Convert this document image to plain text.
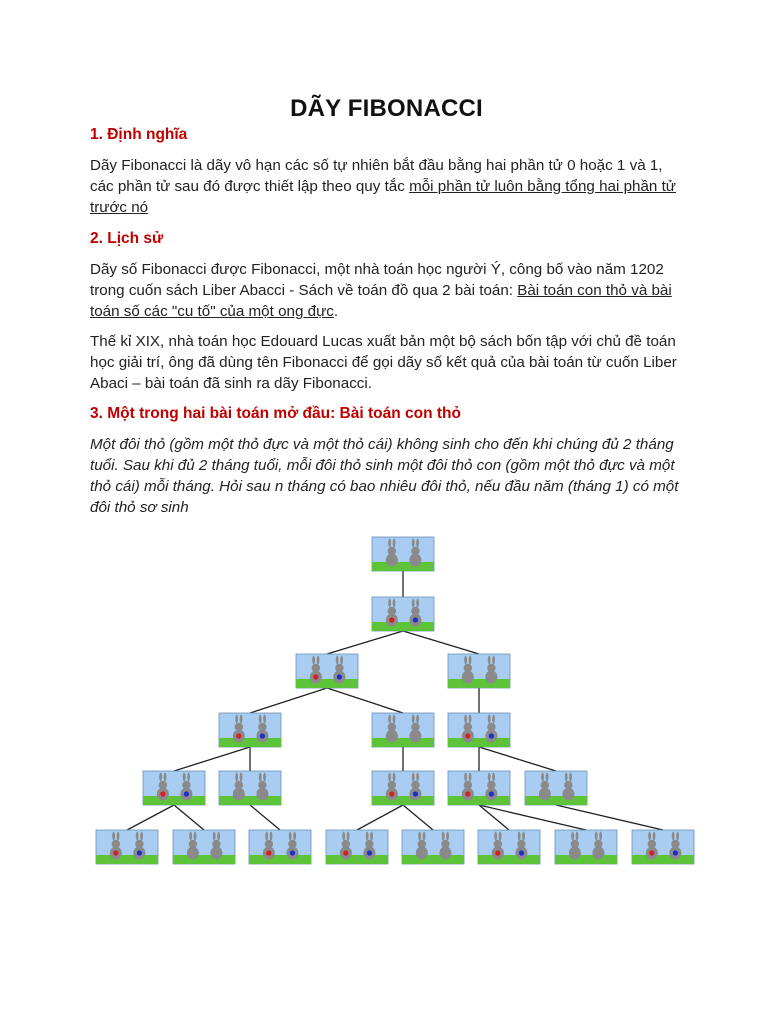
DÃY FIBONACCI
1. Định nghĩa

Dãy Fibonacci là dãy vô hạn các số tự nhiên bắt đầu bằng hai phần tử 0 hoặc 1 và 1, các phần tử sau đó được thiết lập theo quy tắc mỗi phần tử luôn bằng tổng hai phần tử trước nó

2. Lịch sử

Dãy số Fibonacci được Fibonacci, một nhà toán học người Ý, công bố vào năm 1202 trong cuốn sách Liber Abacci - Sách về toán đồ qua 2 bài toán: Bài toán con thỏ và bài toán số các "cu tố" của một ong đực.

Thế kỉ XIX, nhà toán học Edouard Lucas xuất bản một bộ sách bốn tập với chủ đề toán học giải trí, ông đã dùng tên Fibonacci để gọi dãy số kết quả của bài toán từ cuốn Liber Abaci – bài toán đã sinh ra dãy Fibonacci.

3. Một trong hai bài toán mở đầu: Bài toán con thỏ

Một đôi thỏ (gồm một thỏ đực và một thỏ cái) không sinh cho đến khi chúng đủ 2 tháng tuổi. Sau khi đủ 2 tháng tuổi, mỗi đôi thỏ sinh một đôi thỏ con (gồm một thỏ đực và một thỏ cái) mỗi tháng. Hỏi sau n tháng có bao nhiêu đôi thỏ, nếu đầu năm (tháng 1) có một đôi thỏ sơ sinh
